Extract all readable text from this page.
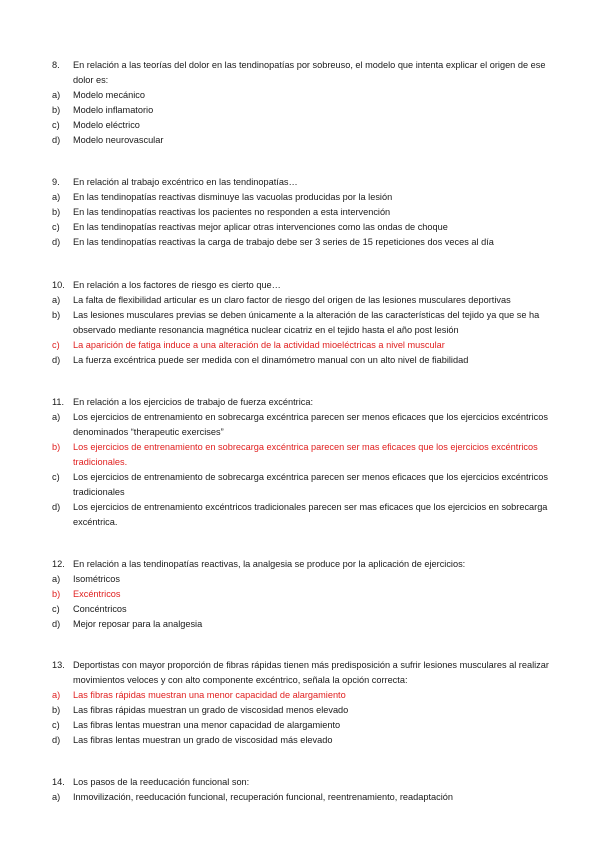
8.	En relación a las teorías del dolor en las tendinopatías por sobreuso, el modelo que intenta explicar el origen de ese dolor es:
a)	Modelo mecánico
b)	Modelo inflamatorio
c)	Modelo eléctrico
d)	Modelo neurovascular
9.	En relación al trabajo excéntrico en las tendinopatías…
a)	En las tendinopatías reactivas disminuye las vacuolas producidas por la lesión
b)	En las tendinopatías reactivas los pacientes no responden a esta intervención
c)	En las tendinopatías reactivas mejor aplicar otras intervenciones como las ondas de choque
d)	En las tendinopatías reactivas la carga de trabajo debe ser 3 series de 15 repeticiones dos veces al día
10. En relación a los factores de riesgo es cierto que…
a)	La falta de flexibilidad articular es un claro factor de riesgo del origen de las lesiones musculares deportivas
b)	Las lesiones musculares previas se deben únicamente a la alteración de las características del tejido ya que se ha observado mediante resonancia magnética nuclear cicatriz en el tejido hasta el año post lesión
c)	La aparición de fatiga induce a una alteración de la actividad mioeléctricas a nivel muscular
d)	La fuerza excéntrica puede ser medida con el dinamómetro manual con un alto nivel de fiabilidad
11. En relación a los ejercicios de trabajo de fuerza excéntrica:
a)	Los ejercicios de entrenamiento en sobrecarga excéntrica parecen ser menos eficaces que los ejercicios excéntricos denominados “therapeutic exercises”
b)	Los ejercicios de entrenamiento en sobrecarga excéntrica parecen ser mas eficaces que los ejercicios excéntricos tradicionales.
c)	Los ejercicios de entrenamiento de sobrecarga excéntrica parecen ser menos eficaces que los ejercicios excéntricos tradicionales
d)	Los ejercicios de entrenamiento excéntricos tradicionales parecen ser mas eficaces que los ejercicios en sobrecarga excéntrica.
12. En relación a las tendinopatías reactivas, la analgesia se produce por la aplicación de ejercicios:
a)	Isométricos
b)	Excéntricos
c)	Concéntricos
d)	Mejor reposar para la analgesia
13. Deportistas con mayor proporción de fibras rápidas tienen más predisposición a sufrir lesiones musculares al realizar movimientos veloces y con alto componente excéntrico, señala la opción correcta:
a)	Las fibras rápidas muestran una menor capacidad de alargamiento
b)	Las fibras rápidas muestran un grado de viscosidad menos elevado
c)	Las fibras lentas muestran una menor capacidad de alargamiento
d)	Las fibras lentas muestran un grado de viscosidad más elevado
14. Los pasos de la reeducación funcional son:
a)	Inmovilización, reeducación funcional, recuperación funcional, reentrenamiento, readaptación
